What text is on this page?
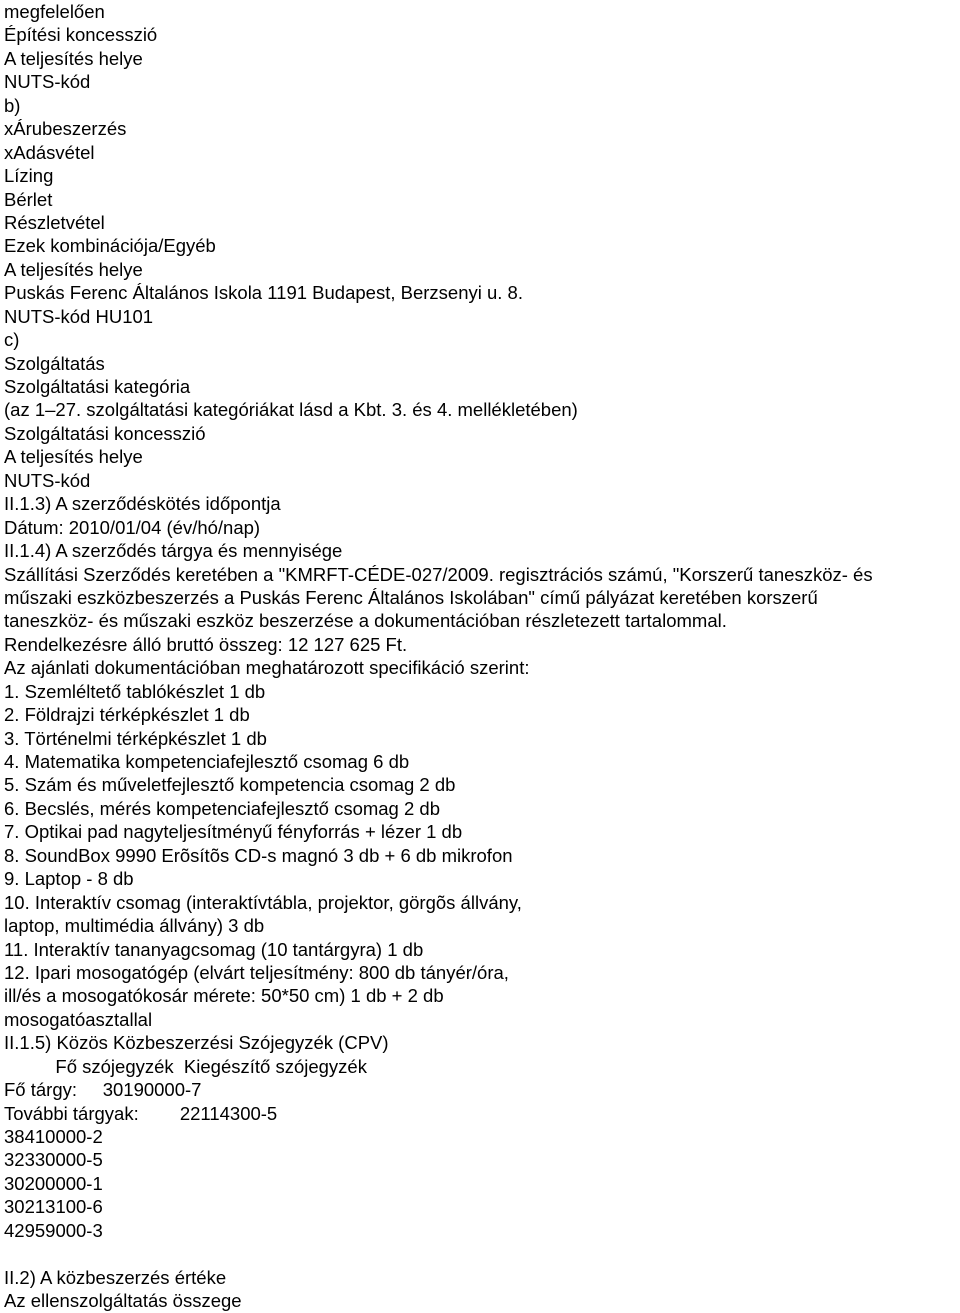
megfelelően
Építési koncesszió
A teljesítés helye
NUTS-kód
b)
xÁrubeszerzés
xAdásvétel
Lízing
Bérlet
Részletvétel
Ezek kombinációja/Egyéb
A teljesítés helye
Puskás Ferenc Általános Iskola 1191 Budapest, Berzsenyi u. 8.
NUTS-kód HU101
c)
Szolgáltatás
Szolgáltatási kategória
(az 1–27. szolgáltatási kategóriákat lásd a Kbt. 3. és 4. mellékletében)
Szolgáltatási koncesszió
A teljesítés helye
NUTS-kód
II.1.3) A szerződéskötés időpontja
Dátum: 2010/01/04 (év/hó/nap)
II.1.4) A szerződés tárgya és mennyisége
Szállítási Szerződés keretében a "KMRFT-CÉDE-027/2009. regisztrációs számú, "Korszerű taneszköz- és
műszaki eszközbeszerzés a Puskás Ferenc Általános Iskolában" című pályázat keretében korszerű
taneszköz- és műszaki eszköz beszerzése a dokumentációban részletezett tartalommal.
Rendelkezésre álló bruttó összeg: 12 127 625 Ft.
Az ajánlati dokumentációban meghatározott specifikáció szerint:
1. Szemléltető tablókészlet 1 db
2. Földrajzi térképkészlet 1 db
3. Történelmi térképkészlet 1 db
4. Matematika kompetenciafejlesztő csomag 6 db
5. Szám és műveletfejlesztő kompetencia csomag 2 db
6. Becslés, mérés kompetenciafejlesztő csomag 2 db
7. Optikai pad nagyteljesítményű fényforrás + lézer 1 db
8. SoundBox 9990 Erõsítõs CD-s magnó 3 db + 6 db mikrofon
9. Laptop - 8 db
10. Interaktív csomag (interaktívtábla, projektor, görgõs állvány,
laptop, multimédia állvány) 3 db
11. Interaktív tananyagcsomag (10 tantárgyra) 1 db
12. Ipari mosogatógép (elvárt teljesítmény: 800 db tányér/óra,
ill/és a mosogatókosár mérete: 50*50 cm) 1 db + 2 db
mosogatóasztallal
II.1.5) Közös Közbeszerzési Szójegyzék (CPV)
Fő szójegyzék  Kiegészítő szójegyzék
Fő tárgy:     30190000-7
További tárgyak:        22114300-5
38410000-2
32330000-5
30200000-1
30213100-6
42959000-3
II.2) A közbeszerzés értéke
Az ellenszolgáltatás összege
